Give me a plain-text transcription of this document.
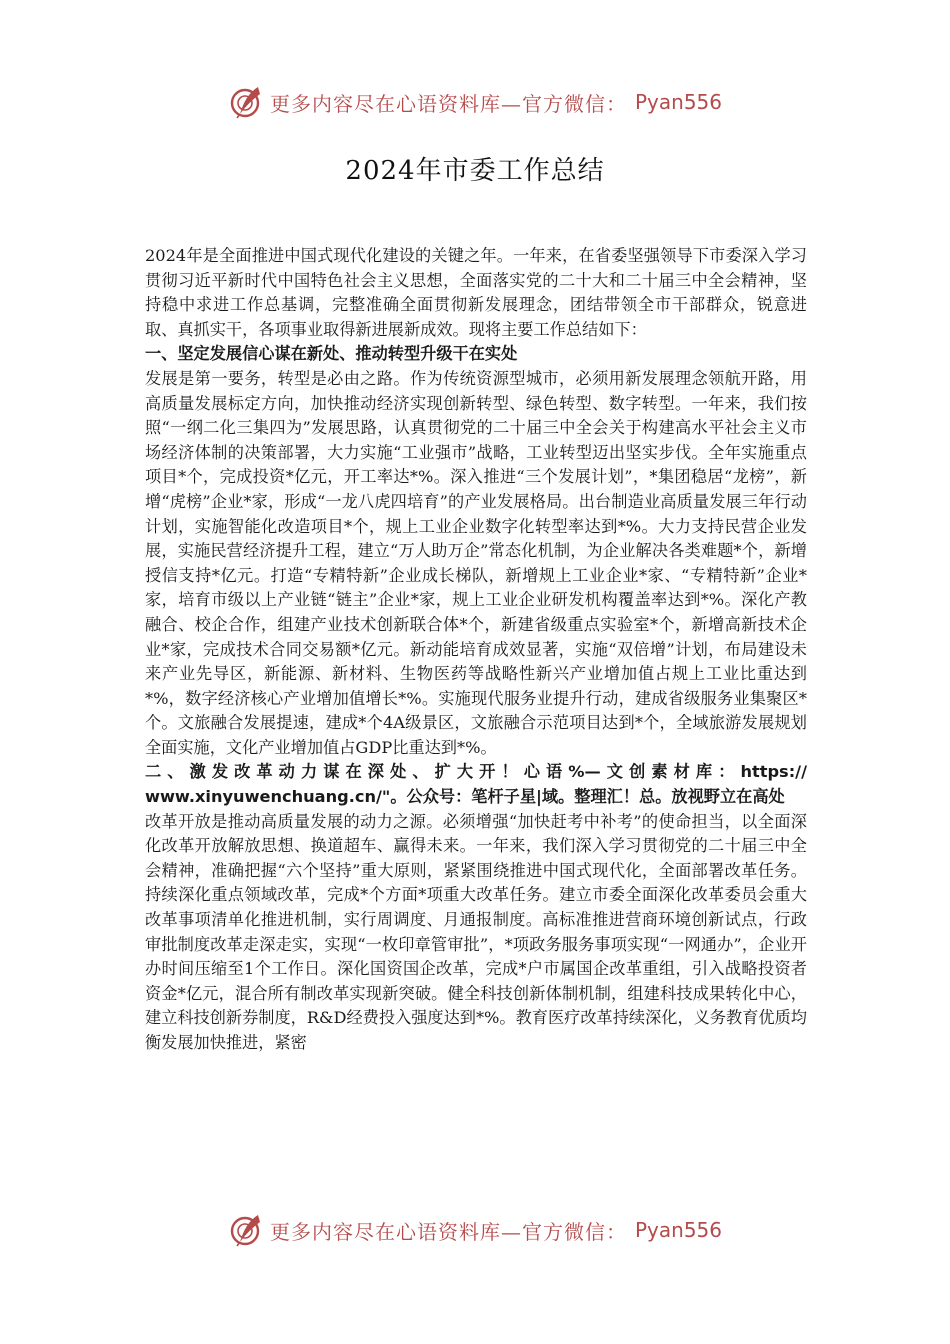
更多内容尽在心语资料库—官方微信： Pyan556
2024年市委工作总结

2024年是全面推进中国式现代化建设的关键之年。一年来，在省委坚强领导下市委深入学习贯彻习近平新时代中国特色社会主义思想，全面落实党的二十大和二十届三中全会精神，坚持稳中求进工作总基调，完整准确全面贯彻新发展理念，团结带领全市干部群众，锐意进取、真抓实干，各项事业取得新进展新成效。现将主要工作总结如下：

一、坚定发展信心谋在新处、推动转型升级干在实处

发展是第一要务，转型是必由之路。作为传统资源型城市，必须用新发展理念领航开路，用高质量发展标定方向，加快推动经济实现创新转型、绿色转型、数字转型。一年来，我们按照“一纲二化三集四为”发展思路，认真贯彻党的二十届三中全会关于构建高水平社会主义市场经济体制的决策部署，大力实施“工业强市”战略，工业转型迈出坚实步伐。全年实施重点项目*个，完成投资*亿元，开工率达*%。深入推进“三个发展计划”，*集团稳居“龙榜”，新增“虎榜”企业*家，形成“一龙八虎四培育”的产业发展格局。出台制造业高质量发展三年行动计划，实施智能化改造项目*个，规上工业企业数字化转型率达到*%。大力支持民营企业发展，实施民营经济提升工程，建立“万人助万企”常态化机制，为企业解决各类难题*个，新增授信支持*亿元。打造“专精特新”企业成长梯队，新增规上工业企业*家、“专精特新”企业*家，培育市级以上产业链“链主”企业*家，规上工业企业研发机构覆盖率达到*%。深化产教融合、校企合作，组建产业技术创新联合体*个，新建省级重点实验室*个，新增高新技术企业*家，完成技术合同交易额*亿元。新动能培育成效显著，实施“双倍增”计划，布局建设未来产业先导区，新能源、新材料、生物医药等战略性新兴产业增加值占规上工业比重达到*%，数字经济核心产业增加值增长*%。实施现代服务业提升行动，建成省级服务业集聚区*个。文旅融合发展提速，建成*个4A级景区，文旅融合示范项目达到*个，全域旅游发展规划全面实施，文化产业增加值占GDP比重达到*%。

二、激发改革动力谋在深处、扩大开！心语%—文创素材库：https://

www.xinyuwenchuang.cn/"。公众号：笔杆子星|域。整理汇！总。放视野立在高处

改革开放是推动高质量发展的动力之源。必须增强“加快赶考中补考”的使命担当，以全面深化改革开放解放思想、换道超车、赢得未来。一年来，我们深入学习贯彻党的二十届三中全会精神，准确把握“六个坚持”重大原则，紧紧围绕推进中国式现代化，全面部署改革任务。持续深化重点领域改革，完成*个方面*项重大改革任务。建立市委全面深化改革委员会重大改革事项清单化推进机制，实行周调度、月通报制度。高标准推进营商环境创新试点，行政审批制度改革走深走实，实现“一枚印章管审批”，*项政务服务事项实现“一网通办”，企业开办时间压缩至1个工作日。深化国资国企改革，完成*户市属国企改革重组，引入战略投资者资金*亿元，混合所有制改革实现新突破。健全科技创新体制机制，组建科技成果转化中心，建立科技创新券制度，R&D经费投入强度达到*%。教育医疗改革持续深化，义务教育优质均衡发展加快推进，紧密

更多内容尽在心语资料库—官方微信： Pyan556
